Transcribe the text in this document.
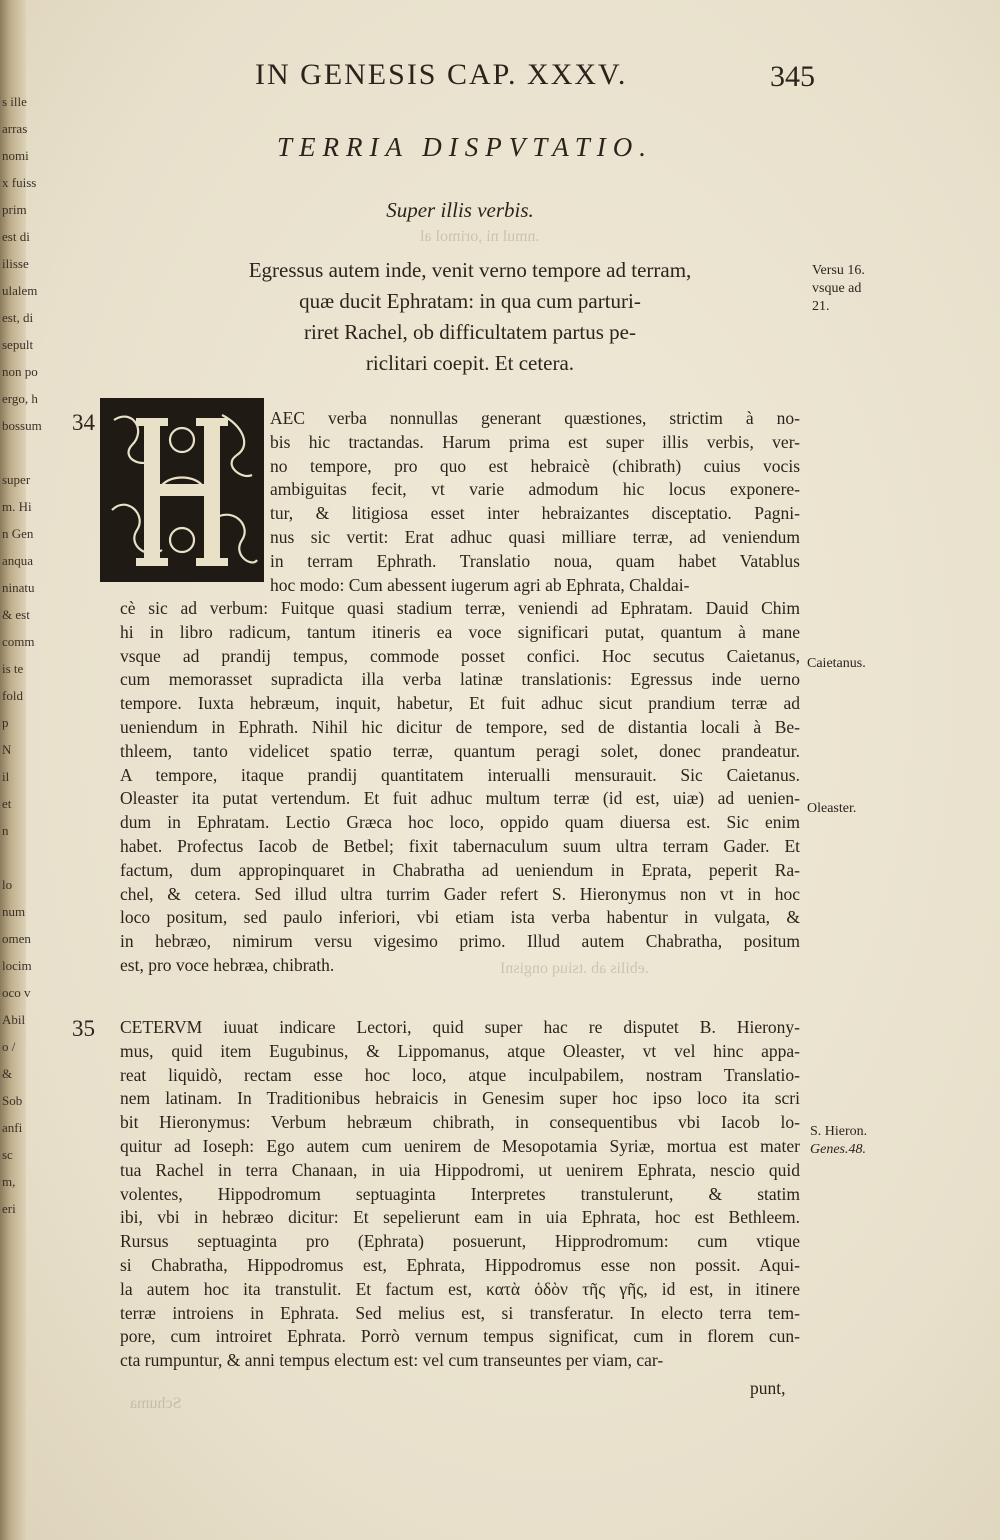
s ille
arras
nomi
x fuiss
prim
est di
ilisse
ulalem
est, di
sepult
non po
ergo, h
bossum
super
m. Hi
n Gen
anqua
ninatu
& est
comm
is te
fold
p
N
il
et
n
lo
num
omen
locim
oco v
Abil
o /
&
Sob
anfi
sc
m,
eri
IN GENESIS CAP. XXXV.	345
TERRIA DISPVTATIO.
Super illis verbis.
Egressus autem inde, venit verno tempore ad terram,
quæ ducit Ephratam: in qua cum parturi-
riret Rachel, ob difficultatem partus pe-
riclitari coepit. Et cetera.
Versu 16.
vsque ad
21.
34	AEC verba nonnullas generant quæstiones, strictim à no-
bis hic tractandas. Harum prima est super illis verbis, ver-
no tempore, pro quo est hebraicè (chibrath) cuius vocis
ambiguitas fecit, vt varie admodum hic locus exponere-
tur, & litigiosa esset inter hebraizantes disceptatio. Pagni-
nus sic vertit: Erat adhuc quasi milliare terræ, ad veniendum
in terram Ephrath. Translatio noua, quam habet Vatablus
hoc modo: Cum abessent iugerum agri ab Ephrata, Chaldai-
cè sic ad verbum: Fuitque quasi stadium terræ, veniendi ad Ephratam. Dauid Chim
hi in libro radicum, tantum itineris ea voce significari putat, quantum à mane
vsque ad prandij tempus, commode posset confici. Hoc secutus Caietanus,
cum memorasset supradicta illa verba latinæ translationis: Egressus inde uerno
tempore. Iuxta hebræum, inquit, habetur, Et fuit adhuc sicut prandium terræ ad
ueniendum in Ephrath. Nihil hic dicitur de tempore, sed de distantia locali à Be-
thleem, tanto videlicet spatio terræ, quantum peragi solet, donec prandeatur.
A tempore, itaque prandij quantitatem interualli mensurauit. Sic Caietanus.
Oleaster ita putat vertendum. Et fuit adhuc multum terræ (id est, uiæ) ad uenien-
dum in Ephratam. Lectio Græca hoc loco, oppido quam diuersa est. Sic enim
habet. Profectus Iacob de Betbel; fixit tabernaculum suum ultra terram Gader. Et
factum, dum appropinquaret in Chabratha ad ueniendum in Eprata, peperit Ra-
chel, & cetera. Sed illud ultra turrim Gader refert S. Hieronymus non vt in hoc
loco positum, sed paulo inferiori, vbi etiam ista verba habentur in vulgata, &
in hebræo, nimirum versu vigesimo primo. Illud autem Chabratha, positum
est, pro voce hebræa, chibrath.
Caietanus.
Oleaster.
35 CETERVM iuuat indicare Lectori, quid super hac re disputet B. Hierony-
mus, quid item Eugubinus, & Lippomanus, atque Oleaster, vt vel hinc appa-
reat liquidò, rectam esse hoc loco, atque inculpabilem, nostram Translatio-
nem latinam. In Traditionibus hebraicis in Genesim super hoc ipso loco ita scri
bit Hieronymus: Verbum hebræum chibrath, in consequentibus vbi Iacob lo-
quitur ad Ioseph: Ego autem cum uenirem de Mesopotamia Syriæ, mortua est mater
tua Rachel in terra Chanaan, in uia Hippodromi, ut uenirem Ephrata, nescio quid
volentes, Hippodromum septuaginta Interpretes transtulerunt, & statim
ibi, vbi in hebræo dicitur: Et sepelierunt eam in uia Ephrata, hoc est Bethleem.
Rursus septuaginta pro (Ephrata) posuerunt, Hipprodromum: cum vtique
si Chabratha, Hippodromus est, Ephrata, Hippodromus esse non possit. Aqui-
la autem hoc ita transtulit. Et factum est, κατὰ ὁδὸν τῆς γῆς, id est, in itinere
terræ introiens in Ephrata. Sed melius est, si transferatur. In electo terra tem-
pore, cum introiret Ephrata. Porrò vernum tempus significat, cum in florem cun-
cta rumpuntur, & anni tempus electum est: vel cum transeuntes per viam, car-
S. Hieron.
Genes.48.
punt,
.nmul ni ,orimol al
.ebilis ab .tsiuq ongisnI
Schuma
